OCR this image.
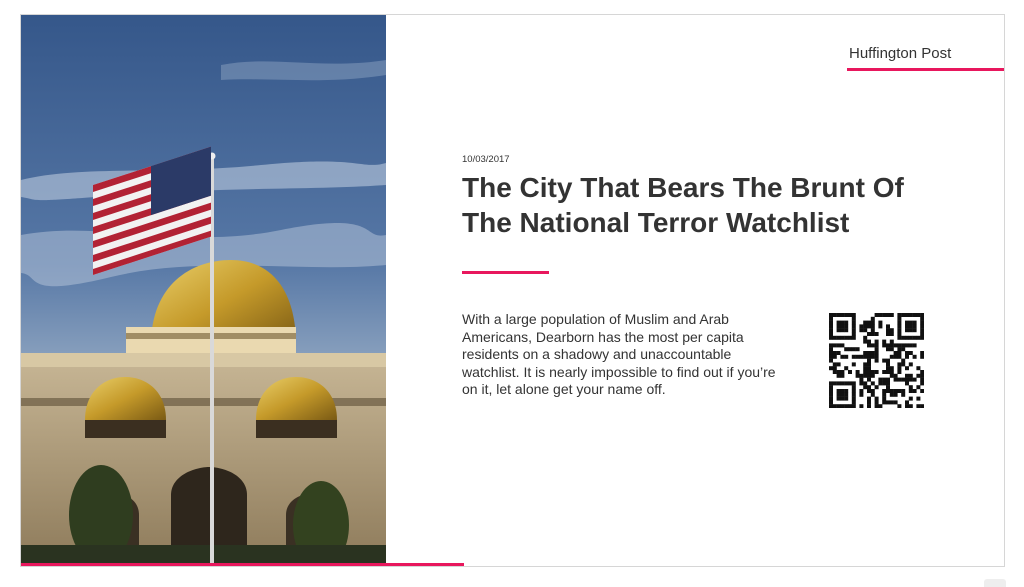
Huffington Post
10/03/2017
The City That Bears The Brunt Of The National Terror Watchlist

With a large population of Muslim and Arab Americans, Dearborn has the most per capita residents on a shadowy and unaccountable watchlist. It is nearly impossible to find out if you’re on it, let alone get your name off.
